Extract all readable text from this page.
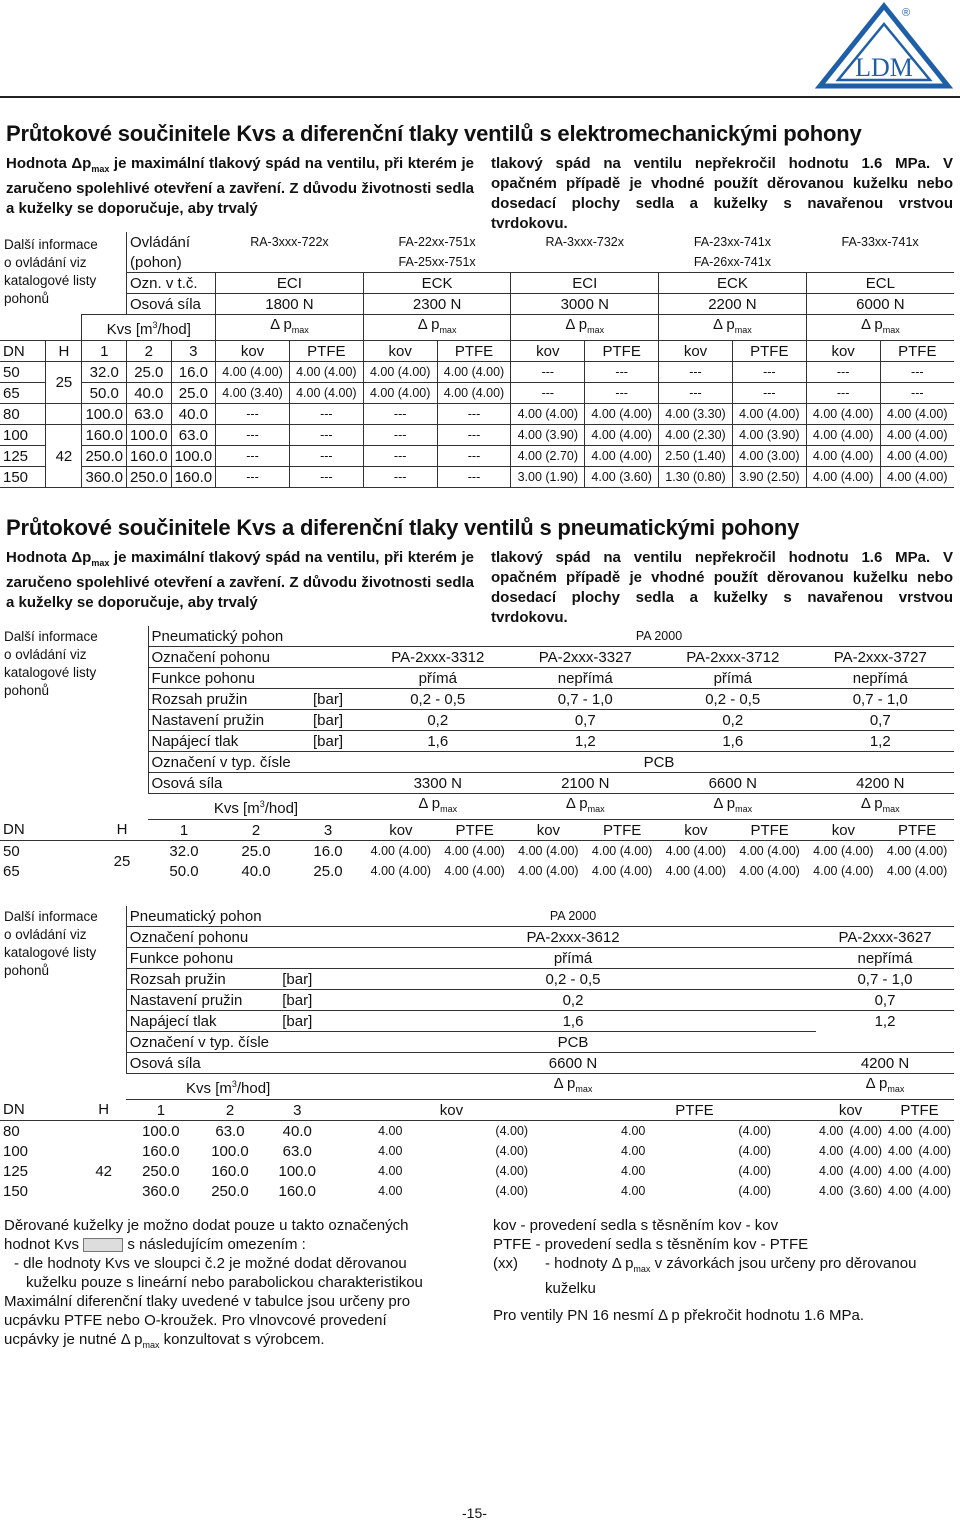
LDM
®
Průtokové součinitele Kvs a diferenční tlaky ventilů s elektromechanickými pohony
Hodnota $\Delta p_{max}$ je maximální tlakový spád na ventilu, při kterém je zaručeno spolehlivé otevření a zavření. Z důvodu životnosti sedla a kuželky se doporučuje, aby trvalý
tlakový spád na ventilu nepřekročil hodnotu 1.6 MPa. V opačném případě je vhodné použít děrovanou kuželku nebo dosedací plochy sedla a kuželky s navařenou vrstvou tvrdokovu.
Další informace
o ovládání viz
katalogové listy
pohonů
			Ovládání		RA-3xxx-722x		FA-22xx-751x		RA-3xxx-732x		FA-23xx-741x		FA-33xx-741x	
			(pohon)				FA-25xx-751x				FA-26xx-741x			
			Ozn. v t.č.		ECI		ECK		ECI		ECK		ECL	
			Osová síla		1800 N		2300 N		3000 N		2200 N		6000 N	
		Kvs $[m^3/hod]$			Δ $p_{max}$		Δ $p_{max}$		Δ $p_{max}$		Δ $p_{max}$		Δ $p_{max}$
DN	H	1	2	3	kov	PTFE	kov	PTFE	kov	PTFE	kov	PTFE	kov	PTFE
50	25	32.0	25.0	16.0	4.00 (4.00)	4.00 (4.00)	4.00 (4.00)	4.00 (4.00)	---	---	---	---	---	---
65		50.0	40.0	25.0	4.00 (3.40)	4.00 (4.00)	4.00 (4.00)	4.00 (4.00)	---	---	---	---	---	---
80		100.0	63.0	40.0	---	---	---	---	4.00 (4.00)	4.00 (4.00)	4.00 (3.30)	4.00 (4.00)	4.00 (4.00)	4.00 (4.00)
100	42	160.0	100.0	63.0	---	---	---	---	4.00 (3.90)	4.00 (4.00)	4.00 (2.30)	4.00 (3.90)	4.00 (4.00)	4.00 (4.00)
125		250.0	160.0	100.0	---	---	---	---	4.00 (2.70)	4.00 (4.00)	2.50 (1.40)	4.00 (3.00)	4.00 (4.00)	4.00 (4.00)
150		360.0	250.0	160.0	---	---	---	---	3.00 (1.90)	4.00 (3.60)	1.30 (0.80)	3.90 (2.50)	4.00 (4.00)	4.00 (4.00)
Průtokové součinitele Kvs a diferenční tlaky ventilů s pneumatickými pohony
Hodnota $\Delta p_{max}$ je maximální tlakový spád na ventilu, při kterém je zaručeno spolehlivé otevření a zavření. Z důvodu životnosti sedla a kuželky se doporučuje, aby trvalý
tlakový spád na ventilu nepřekročil hodnotu 1.6 MPa. V opačném případě je vhodné použít děrovanou kuželku nebo dosedací plochy sedla a kuželky s navařenou vrstvou tvrdokovu.
Další informace
o ovládání viz
katalogové listy
pohonů
		Pneumatický pohon			PA 2000							
		Označení pohonu			PA-2xxx-3312		PA-2xxx-3327		PA-2xxx-3712		PA-2xxx-3727	
		Funkce pohonu			přímá		nepřímá		přímá		nepřímá	
		Rozsah pružin		[bar]	0,2 - 0,5		0,7 - 1,0		0,2 - 0,5		0,7 - 1,0	
		Nastavení pružin		[bar]	0,2		0,7		0,2		0,7	
		Napájecí tlak		[bar]	1,6		1,2		1,6		1,2	
		Označení v typ. čísle			PCB							
		Osová síla			3300 N		2100 N		6600 N		4200 N	
		Kvs $[m^3/hod]$			Δ $p_{max}$		Δ $p_{max}$		Δ $p_{max}$		Δ $p_{max}$
DN	H	1	2	3	kov	PTFE	kov	PTFE	kov	PTFE	kov	PTFE
50	25	32.0	25.0	16.0	4.00 (4.00)	4.00 (4.00)	4.00 (4.00)	4.00 (4.00)	4.00 (4.00)	4.00 (4.00)	4.00 (4.00)	4.00 (4.00)
65		50.0	40.0	25.0	4.00 (4.00)	4.00 (4.00)	4.00 (4.00)	4.00 (4.00)	4.00 (4.00)	4.00 (4.00)	4.00 (4.00)	4.00 (4.00)
Další informace
o ovládání viz
katalogové listy
pohonů
		Pneumatický pohon			PA 2000							
		Označení pohonu			PA-2xxx-3612				PA-2xxx-3627			
		Funkce pohonu			přímá				nepřímá			
		Rozsah pružin		[bar]	0,2 - 0,5				0,7 - 1,0			
		Nastavení pružin		[bar]	0,2				0,7			
		Napájecí tlak		[bar]	1,6				1,2			
		Označení v typ. čísle			PCB							
		Osová síla			6600 N				4200 N			
		Kvs $[m^3/hod]$			Δ $p_{max}$				Δ $p_{max}$
DN	H	1	2	3	kov		PTFE		kov		PTFE	
80		100.0	63.0	40.0	4.00	(4.00)	4.00	(4.00)	4.00	(4.00)	4.00	(4.00)
100	42	160.0	100.0	63.0	4.00	(4.00)	4.00	(4.00)	4.00	(4.00)	4.00	(4.00)
125		250.0	160.0	100.0	4.00	(4.00)	4.00	(4.00)	4.00	(4.00)	4.00	(4.00)
150		360.0	250.0	160.0	4.00	(4.00)	4.00	(4.00)	4.00	(3.60)	4.00	(4.00)
Děrované kuželky je možno dodat pouze u takto označených
hodnot Kvs	s následujícím omezením :
- dle hodnoty Kvs ve sloupci č.2 je možné dodat děrovanou
kuželku pouze s lineární nebo parabolickou charakteristikou
Maximální diferenční tlaky uvedené v tabulce jsou určeny pro
ucpávku PTFE nebo O-kroužek. Pro vlnovcové provedení
ucpávky je nutné Δ $p_{max}$ konzultovat s výrobcem.
kov - provedení sedla s těsněním kov - kov
PTFE - provedení sedla s těsněním kov - PTFE
(xx)	- hodnoty Δ $p_{max}$ v závorkách jsou určeny pro děrovanou kuželku
Pro ventily PN 16 nesmí Δ p překročit hodnotu 1.6 MPa.
-15-
